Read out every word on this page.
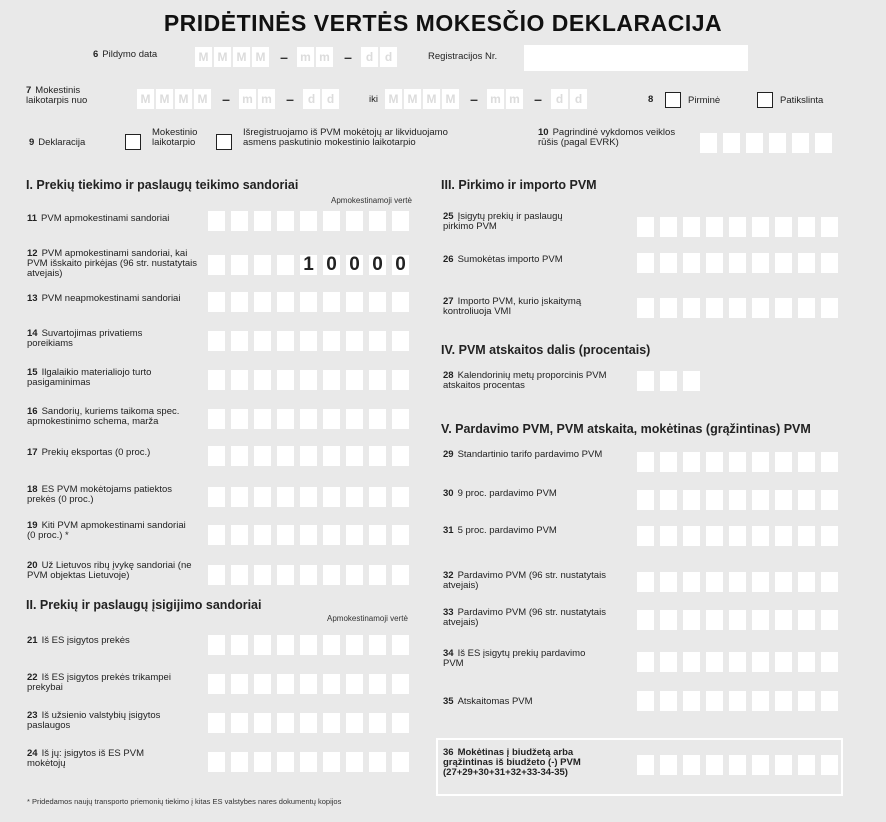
PRIDĖTINĖS VERTĖS MOKESČIO DEKLARACIJA
6 Pildymo data	M M M M – m m –	d d	Registracijos Nr.
7 Mokestinis laikotarpis nuo	M M M M – m m –	d d	iki M M M M – m m –	d d	8	Pirminė	Patikslinta
9 Deklaracija
Mokestinio laikotarpio
Išregistruojamo iš PVM mokėtojų ar likviduojamo asmens paskutinio mokestinio laikotarpio
10 Pagrindinė vykdomos veiklos rūšis (pagal EVRK)
I. Prekių tiekimo ir paslaugų teikimo sandoriai
Apmokestinamoji vertė
11 PVM apmokestinami sandoriai
12 PVM apmokestinami sandoriai, kai PVM išskaito pirkėjas (96 str. nustatytais atvejais)	1 0 0 0 0
13 PVM neapmokestinami sandoriai
14 Suvartojimas privatiems poreikiams
15 Ilgalaikio materialiojo turto pasigaminimas
16 Sandorių, kuriems taikoma spec. apmokestinimo schema, marža
17 Prekių eksportas (0 proc.)
18 ES PVM mokėtojams patiektos prekės (0 proc.)
19 Kiti PVM apmokestinami sandoriai (0 proc.) *
20 Už Lietuvos ribų įvykę sandoriai (ne PVM objektas Lietuvoje)
II. Prekių ir paslaugų įsigijimo sandoriai
Apmokestinamoji vertė
21 Iš ES įsigytos prekės
22 Iš ES įsigytos prekės trikampei prekybai
23 Iš užsienio valstybių įsigytos paslaugos
24 Iš jų: įsigytos iš ES PVM mokėtojų
* Pridedamos naujų transporto priemonių tiekimo į kitas ES valstybes nares dokumentų kopijos
III. Pirkimo ir importo PVM
25 Įsigytų prekių ir paslaugų pirkimo PVM
26 Sumokėtas importo PVM
27 Importo PVM, kurio įskaitymą kontroliuoja VMI
IV. PVM atskaitos dalis (procentais)
28 Kalendorinių metų proporcinis PVM atskaitos procentas
V. Pardavimo PVM, PVM atskaita, mokėtinas (grąžintinas) PVM
29 Standartinio tarifo pardavimo PVM
30 9 proc. pardavimo PVM
31 5 proc. pardavimo PVM
32 Pardavimo PVM (96 str. nustatytais atvejais)
33 Pardavimo PVM (96 str. nustatytais atvejais)
34 Iš ES įsigytų prekių pardavimo PVM
35 Atskaitomas PVM
36 Mokėtinas į biudžetą arba grąžintinas iš biudžeto (-) PVM (27+29+30+31+32+33-34-35)
